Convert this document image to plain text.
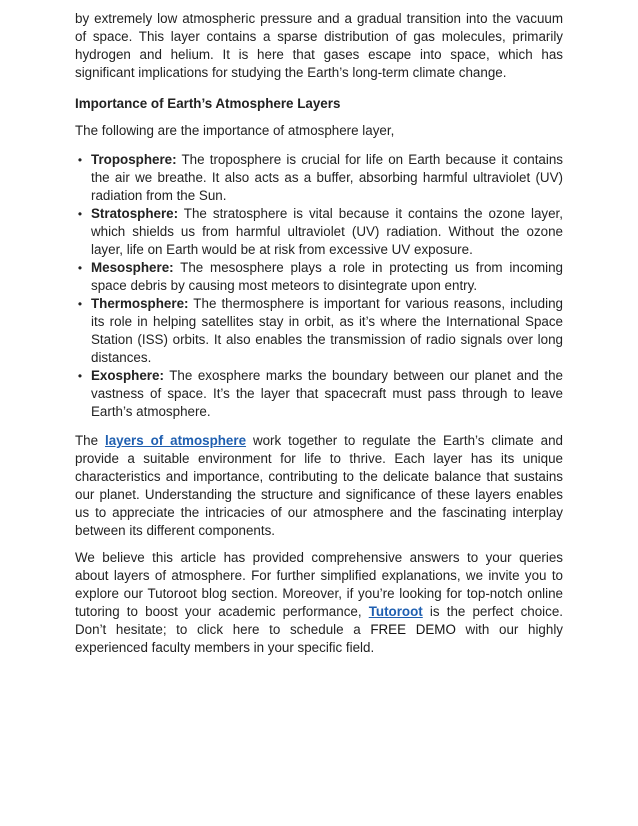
by extremely low atmospheric pressure and a gradual transition into the vacuum of space. This layer contains a sparse distribution of gas molecules, primarily hydrogen and helium. It is here that gases escape into space, which has significant implications for studying the Earth’s long-term climate change.

Importance of Earth’s Atmosphere Layers

The following are the importance of atmosphere layer,

• Troposphere: The troposphere is crucial for life on Earth because it contains the air we breathe. It also acts as a buffer, absorbing harmful ultraviolet (UV) radiation from the Sun.
• Stratosphere: The stratosphere is vital because it contains the ozone layer, which shields us from harmful ultraviolet (UV) radiation. Without the ozone layer, life on Earth would be at risk from excessive UV exposure.
• Mesosphere: The mesosphere plays a role in protecting us from incoming space debris by causing most meteors to disintegrate upon entry.
• Thermosphere: The thermosphere is important for various reasons, including its role in helping satellites stay in orbit, as it’s where the International Space Station (ISS) orbits. It also enables the transmission of radio signals over long distances.
• Exosphere: The exosphere marks the boundary between our planet and the vastness of space. It’s the layer that spacecraft must pass through to leave Earth’s atmosphere.

The layers of atmosphere work together to regulate the Earth’s climate and provide a suitable environment for life to thrive. Each layer has its unique characteristics and importance, contributing to the delicate balance that sustains our planet. Understanding the structure and significance of these layers enables us to appreciate the intricacies of our atmosphere and the fascinating interplay between its different components.

We believe this article has provided comprehensive answers to your queries about layers of atmosphere. For further simplified explanations, we invite you to explore our Tutoroot blog section. Moreover, if you’re looking for top-notch online tutoring to boost your academic performance, Tutoroot is the perfect choice. Don’t hesitate; to click here to schedule a FREE DEMO with our highly experienced faculty members in your specific field.
